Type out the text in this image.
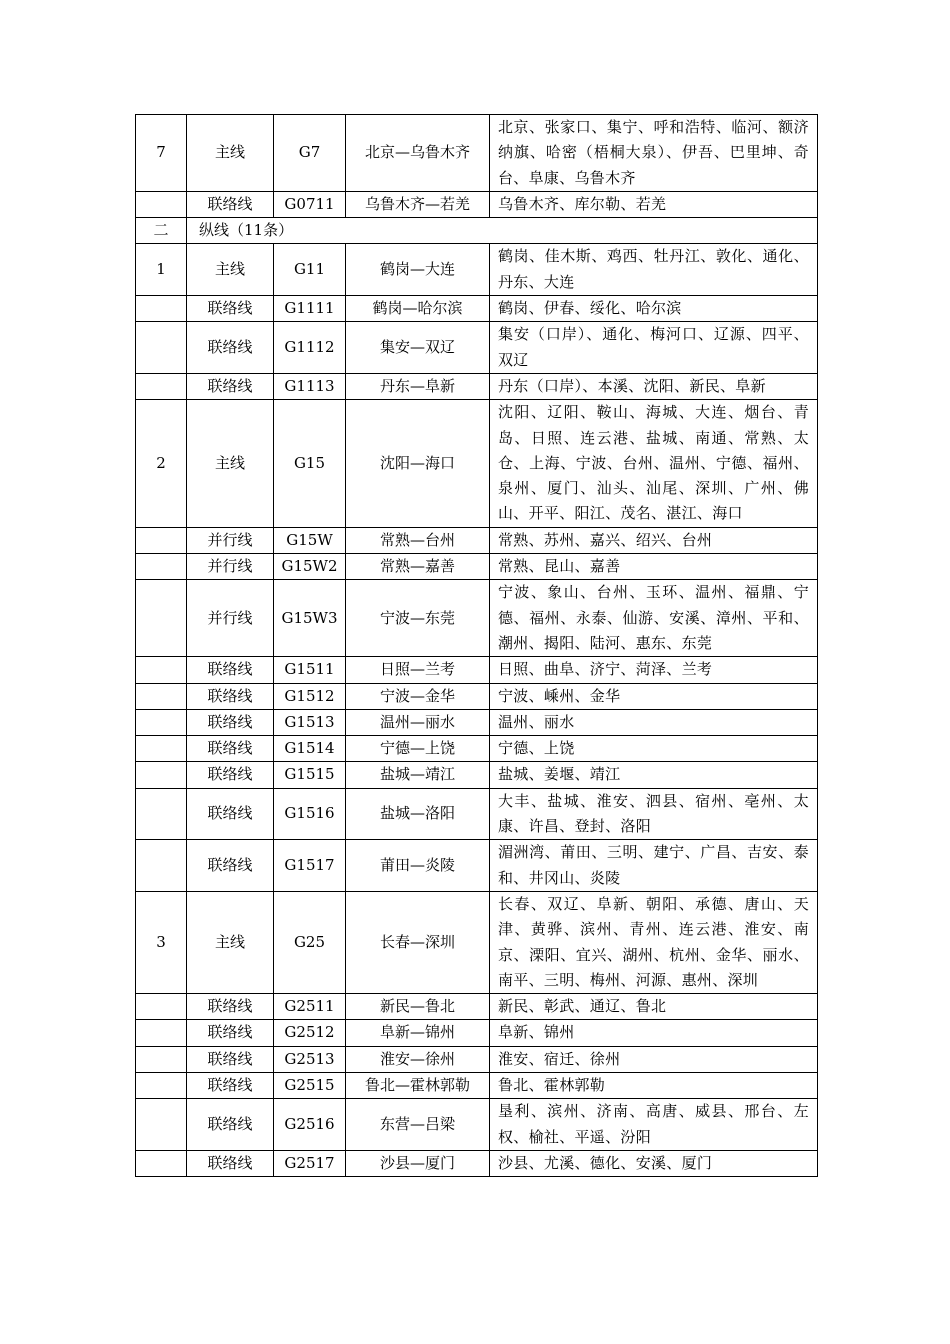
7	主线	G7	北京—乌鲁木齐	北京、张家口、集宁、呼和浩特、临河、额济纳旗、哈密（梧桐大泉）、伊吾、巴里坤、奇台、阜康、乌鲁木齐
	联络线	G0711	乌鲁木齐—若羌	乌鲁木齐、库尔勒、若羌
二	纵线（11条）			
1	主线	G11	鹤岗—大连	鹤岗、佳木斯、鸡西、牡丹江、敦化、通化、丹东、大连
	联络线	G1111	鹤岗—哈尔滨	鹤岗、伊春、绥化、哈尔滨
	联络线	G1112	集安—双辽	集安（口岸）、通化、梅河口、辽源、四平、双辽
	联络线	G1113	丹东—阜新	丹东（口岸）、本溪、沈阳、新民、阜新
2	主线	G15	沈阳—海口	沈阳、辽阳、鞍山、海城、大连、烟台、青岛、日照、连云港、盐城、南通、常熟、太仓、上海、宁波、台州、温州、宁德、福州、泉州、厦门、汕头、汕尾、深圳、广州、佛山、开平、阳江、茂名、湛江、海口
	并行线	G15W	常熟—台州	常熟、苏州、嘉兴、绍兴、台州
	并行线	G15W2	常熟—嘉善	常熟、昆山、嘉善
	并行线	G15W3	宁波—东莞	宁波、象山、台州、玉环、温州、福鼎、宁德、福州、永泰、仙游、安溪、漳州、平和、潮州、揭阳、陆河、惠东、东莞
	联络线	G1511	日照—兰考	日照、曲阜、济宁、菏泽、兰考
	联络线	G1512	宁波—金华	宁波、嵊州、金华
	联络线	G1513	温州—丽水	温州、丽水
	联络线	G1514	宁德—上饶	宁德、上饶
	联络线	G1515	盐城—靖江	盐城、姜堰、靖江
	联络线	G1516	盐城—洛阳	大丰、盐城、淮安、泗县、宿州、亳州、太康、许昌、登封、洛阳
	联络线	G1517	莆田—炎陵	湄洲湾、莆田、三明、建宁、广昌、吉安、泰和、井冈山、炎陵
3	主线	G25	长春—深圳	长春、双辽、阜新、朝阳、承德、唐山、天津、黄骅、滨州、青州、连云港、淮安、南京、溧阳、宜兴、湖州、杭州、金华、丽水、南平、三明、梅州、河源、惠州、深圳
	联络线	G2511	新民—鲁北	新民、彰武、通辽、鲁北
	联络线	G2512	阜新—锦州	阜新、锦州
	联络线	G2513	淮安—徐州	淮安、宿迁、徐州
	联络线	G2515	鲁北—霍林郭勒	鲁北、霍林郭勒
	联络线	G2516	东营—吕梁	垦利、滨州、济南、高唐、威县、邢台、左权、榆社、平遥、汾阳
	联络线	G2517	沙县—厦门	沙县、尤溪、德化、安溪、厦门
